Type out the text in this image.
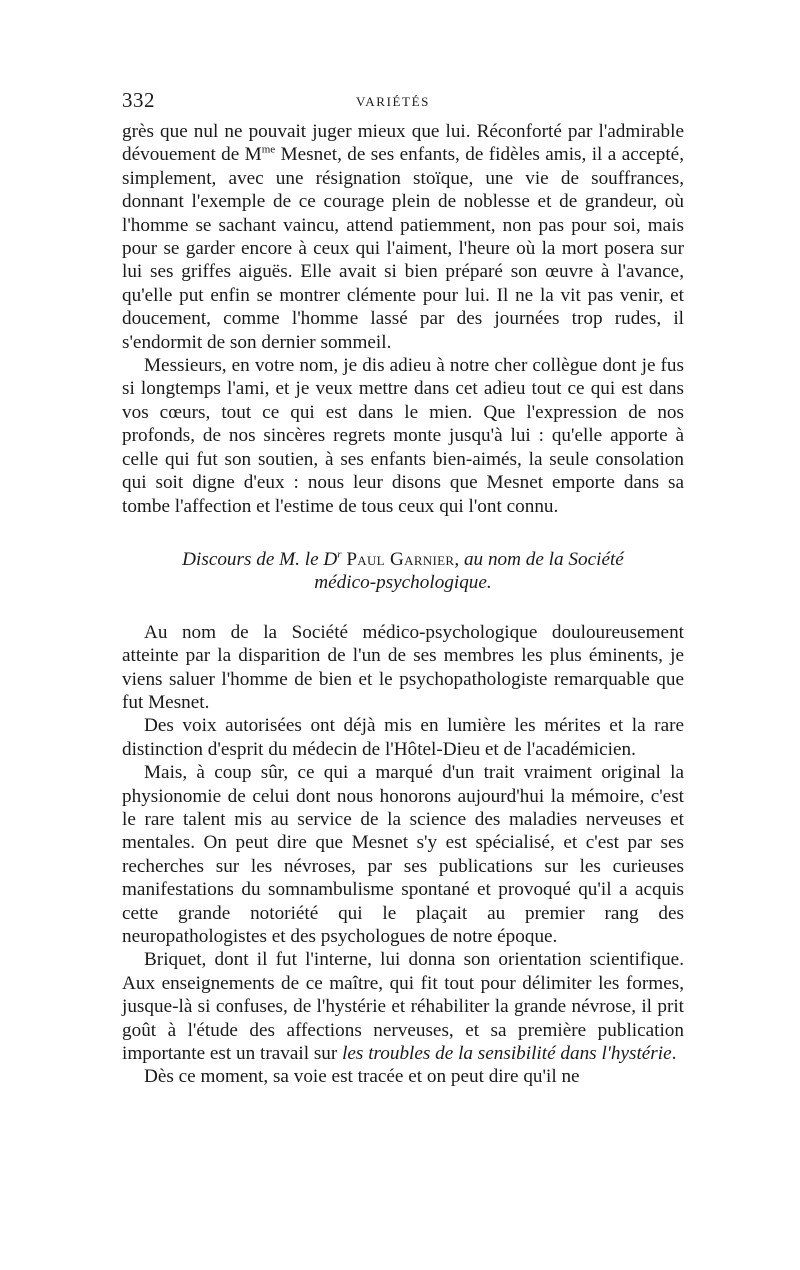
332	VARIÉTÉS

grès que nul ne pouvait juger mieux que lui. Réconforté par l'admirable dévouement de $M^{me}$ Mesnet, de ses enfants, de fidèles amis, il a accepté, simplement, avec une résignation stoïque, une vie de souffrances, donnant l'exemple de ce courage plein de noblesse et de grandeur, où l'homme se sachant vaincu, attend patiemment, non pas pour soi, mais pour se garder encore à ceux qui l'aiment, l'heure où la mort posera sur lui ses griffes aiguës. Elle avait si bien préparé son œuvre à l'avance, qu'elle put enfin se montrer clémente pour lui. Il ne la vit pas venir, et doucement, comme l'homme lassé par des journées trop rudes, il s'endormit de son dernier sommeil.

Messieurs, en votre nom, je dis adieu à notre cher collègue dont je fus si longtemps l'ami, et je veux mettre dans cet adieu tout ce qui est dans vos cœurs, tout ce qui est dans le mien. Que l'expression de nos profonds, de nos sincères regrets monte jusqu'à lui : qu'elle apporte à celle qui fut son soutien, à ses enfants bien-aimés, la seule consolation qui soit digne d'eux : nous leur disons que Mesnet emporte dans sa tombe l'affection et l'estime de tous ceux qui l'ont connu.

Discours de M. le $D^r$ Paul Garnier, au nom de la Société
médico-psychologique.

Au nom de la Société médico-psychologique douloureusement atteinte par la disparition de l'un de ses membres les plus éminents, je viens saluer l'homme de bien et le psychopathologiste remarquable que fut Mesnet.

Des voix autorisées ont déjà mis en lumière les mérites et la rare distinction d'esprit du médecin de l'Hôtel-Dieu et de l'académicien.

Mais, à coup sûr, ce qui a marqué d'un trait vraiment original la physionomie de celui dont nous honorons aujourd'hui la mémoire, c'est le rare talent mis au service de la science des maladies nerveuses et mentales. On peut dire que Mesnet s'y est spécialisé, et c'est par ses recherches sur les névroses, par ses publications sur les curieuses manifestations du somnambulisme spontané et provoqué qu'il a acquis cette grande notoriété qui le plaçait au premier rang des neuropathologistes et des psychologues de notre époque.

Briquet, dont il fut l'interne, lui donna son orientation scientifique. Aux enseignements de ce maître, qui fit tout pour délimiter les formes, jusque-là si confuses, de l'hystérie et réhabiliter la grande névrose, il prit goût à l'étude des affections nerveuses, et sa première publication importante est un travail sur les troubles de la sensibilité dans l'hystérie.

Dès ce moment, sa voie est tracée et on peut dire qu'il ne
